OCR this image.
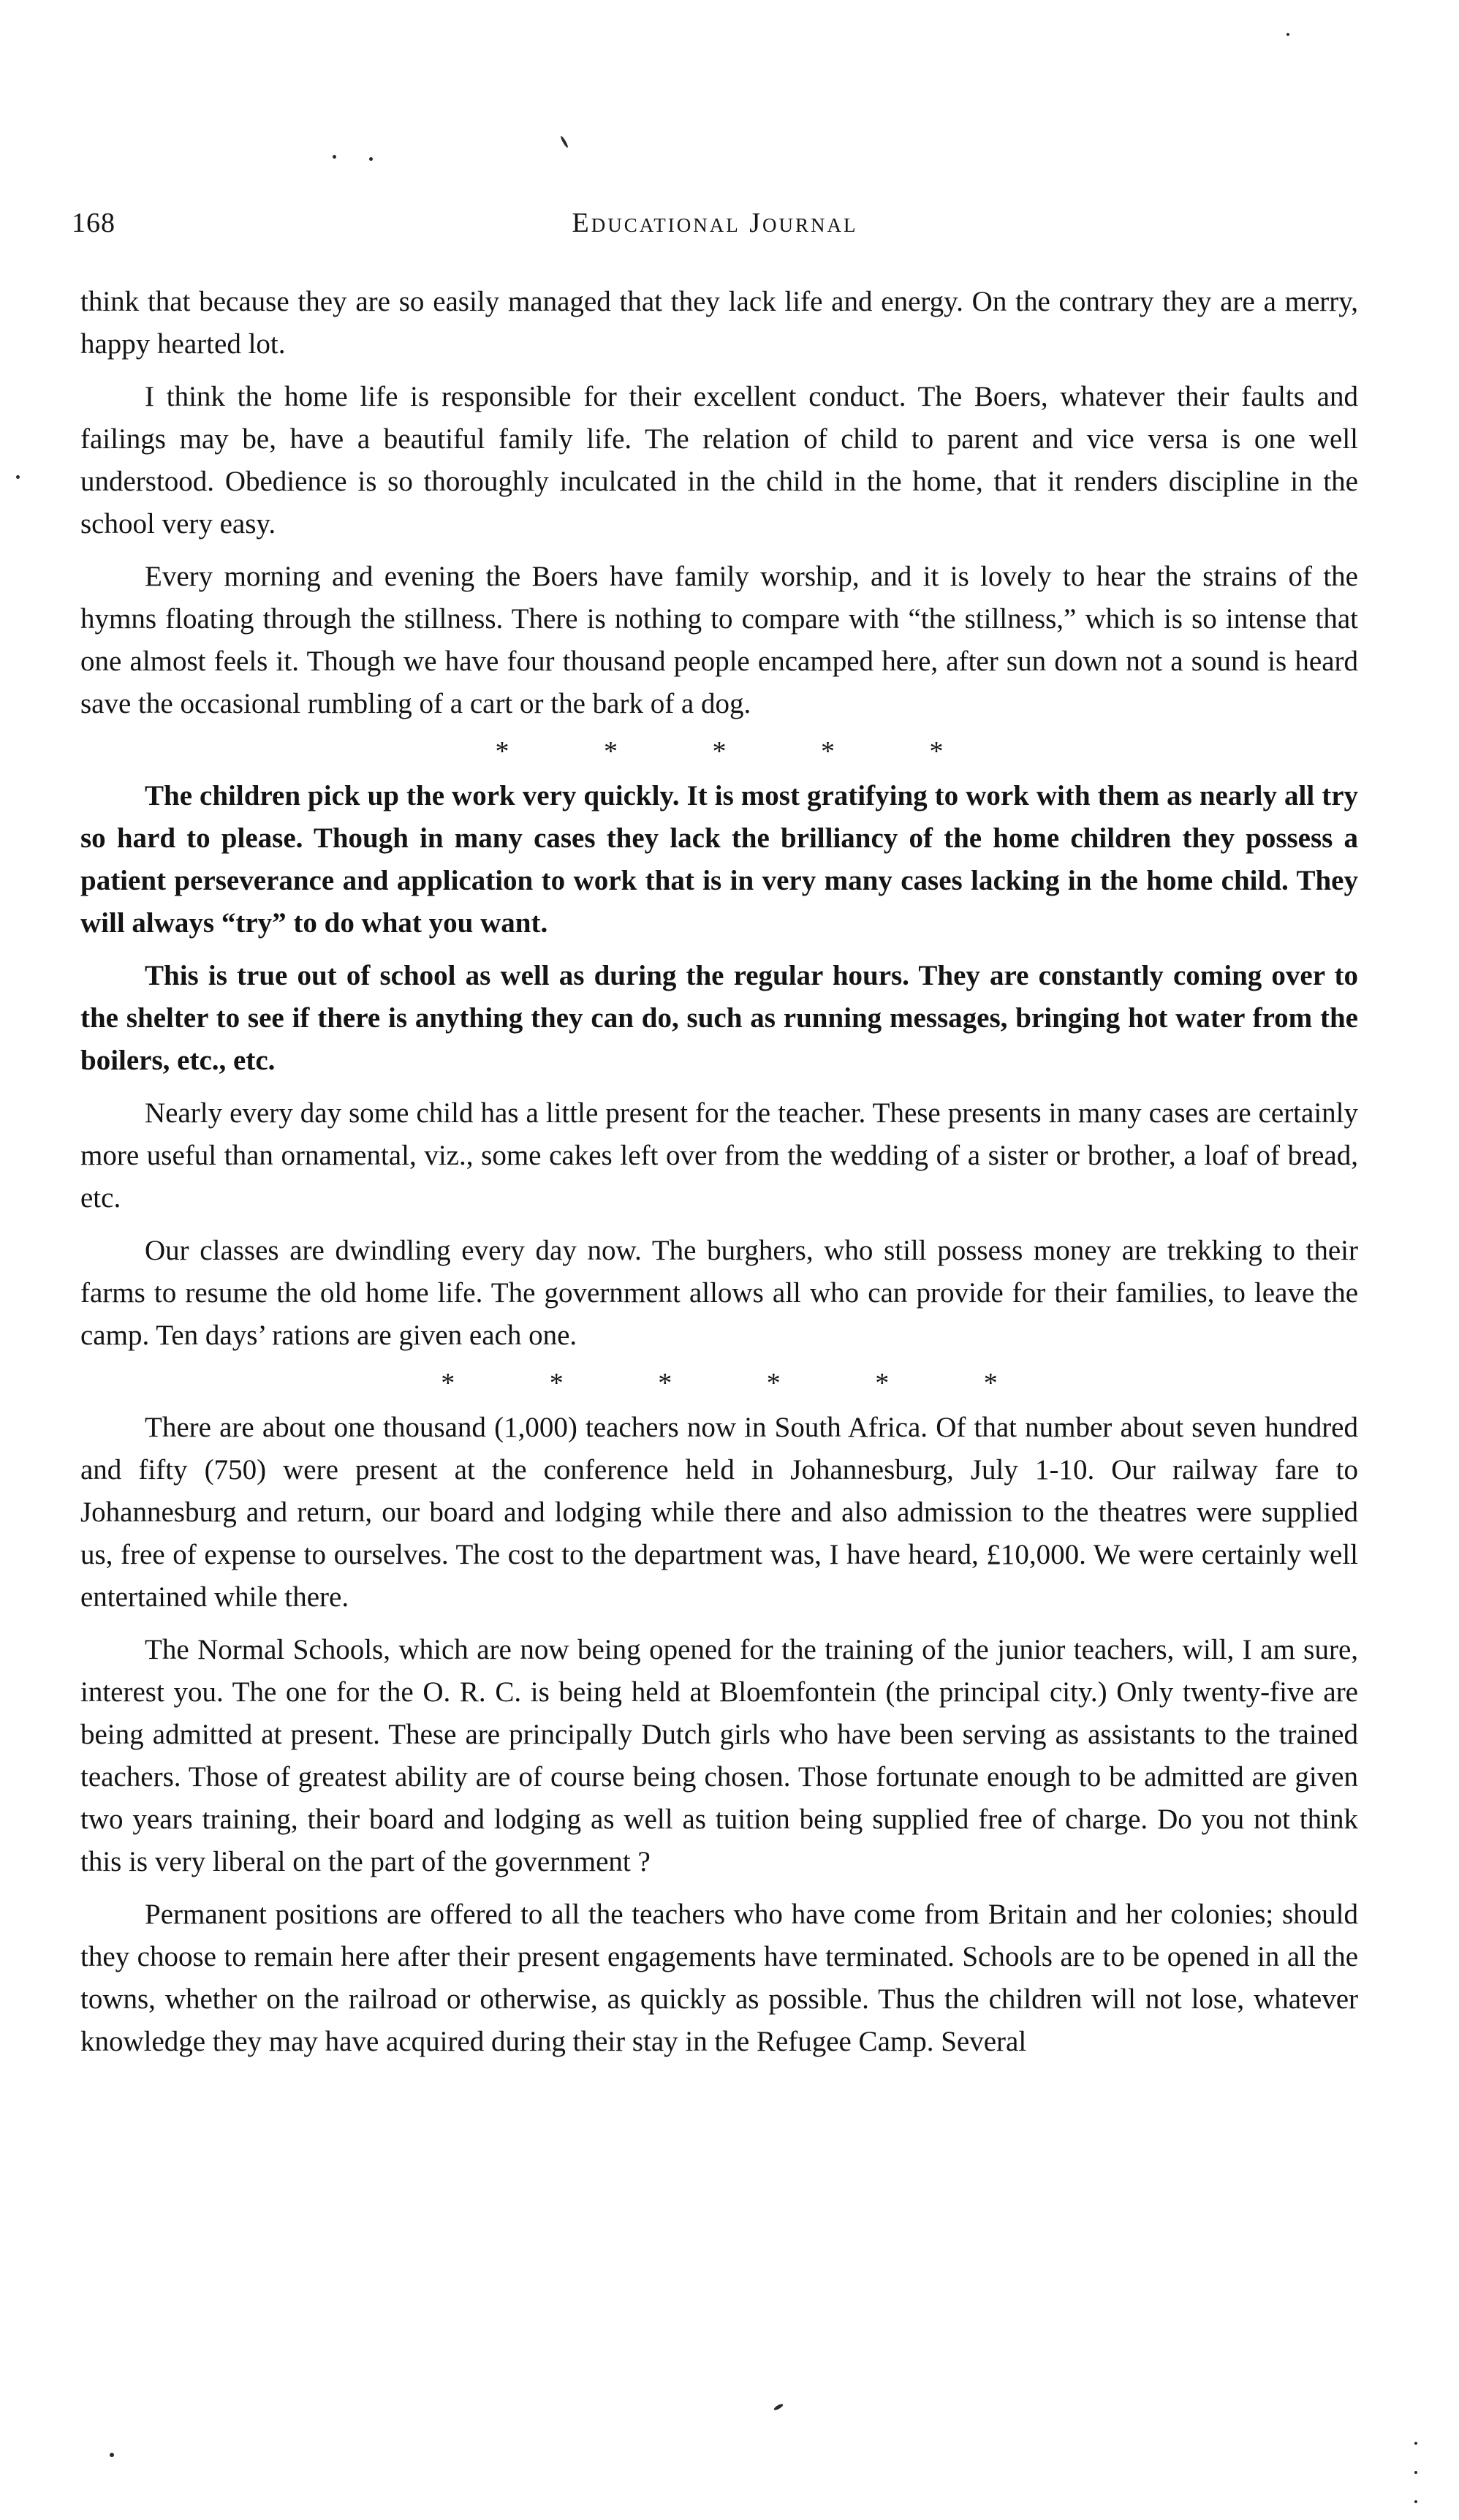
168	Educational Journal

think that because they are so easily managed that they lack life and energy. On the contrary they are a merry, happy hearted lot.

I think the home life is responsible for their excellent conduct. The Boers, whatever their faults and failings may be, have a beautiful family life. The relation of child to parent and vice versa is one well understood. Obedience is so thoroughly inculcated in the child in the home, that it renders discipline in the school very easy.

Every morning and evening the Boers have family worship, and it is lovely to hear the strains of the hymns floating through the stillness. There is nothing to compare with “the stillness,” which is so intense that one almost feels it. Though we have four thousand people encamped here, after sun down not a sound is heard save the occasional rumbling of a cart or the bark of a dog.

* * * * *

The children pick up the work very quickly. It is most gratifying to work with them as nearly all try so hard to please. Though in many cases they lack the brilliancy of the home children they possess a patient perseverance and application to work that is in very many cases lacking in the home child. They will always “try” to do what you want.

This is true out of school as well as during the regular hours. They are constantly coming over to the shelter to see if there is anything they can do, such as running messages, bringing hot water from the boilers, etc., etc.

Nearly every day some child has a little present for the teacher. These presents in many cases are certainly more useful than ornamental, viz., some cakes left over from the wedding of a sister or brother, a loaf of bread, etc.

Our classes are dwindling every day now. The burghers, who still possess money are trekking to their farms to resume the old home life. The government allows all who can provide for their families, to leave the camp. Ten days’ rations are given each one.

* * * * * *

There are about one thousand (1,000) teachers now in South Africa. Of that number about seven hundred and fifty (750) were present at the conference held in Johannesburg, July 1-10. Our railway fare to Johannesburg and return, our board and lodging while there and also admission to the theatres were supplied us, free of expense to ourselves. The cost to the department was, I have heard, £10,000. We were certainly well entertained while there.

The Normal Schools, which are now being opened for the training of the junior teachers, will, I am sure, interest you. The one for the O. R. C. is being held at Bloemfontein (the principal city.) Only twenty-five are being admitted at present. These are principally Dutch girls who have been serving as assistants to the trained teachers. Those of greatest ability are of course being chosen. Those fortunate enough to be admitted are given two years training, their board and lodging as well as tuition being supplied free of charge. Do you not think this is very liberal on the part of the government ?

Permanent positions are offered to all the teachers who have come from Britain and her colonies; should they choose to remain here after their present engagements have terminated. Schools are to be opened in all the towns, whether on the railroad or otherwise, as quickly as possible. Thus the children will not lose, whatever knowledge they may have acquired during their stay in the Refugee Camp. Several
